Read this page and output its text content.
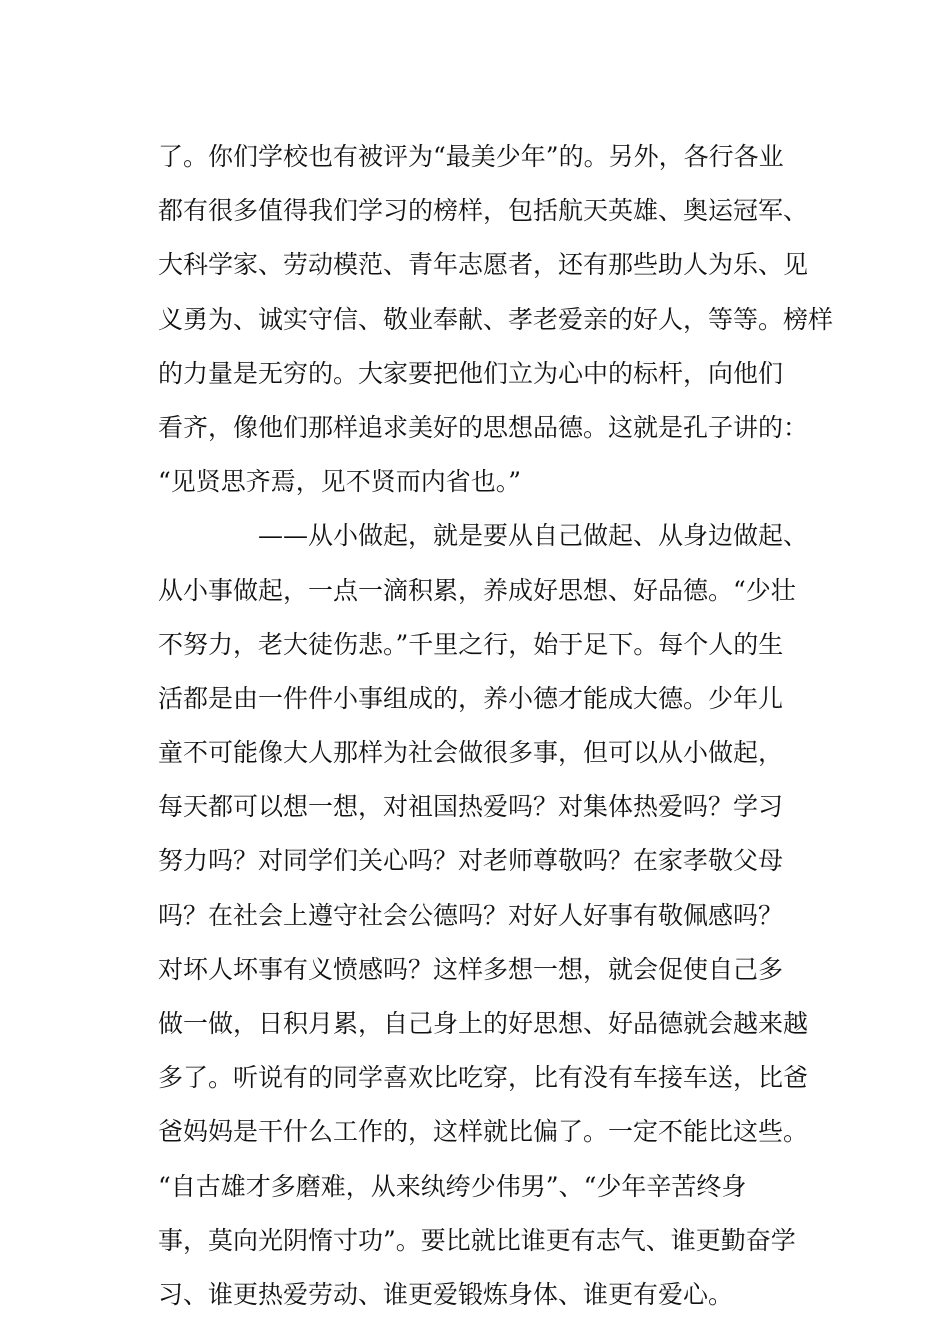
了。你们学校也有被评为“最美少年”的。另外，各行各业
都有很多值得我们学习的榜样，包括航天英雄、奥运冠军、
大科学家、劳动模范、青年志愿者，还有那些助人为乐、见
义勇为、诚实守信、敬业奉献、孝老爱亲的好人，等等。榜样
的力量是无穷的。大家要把他们立为心中的标杆，向他们
看齐，像他们那样追求美好的思想品德。这就是孔子讲的：
“见贤思齐焉，见不贤而内省也。”
——从小做起，就是要从自己做起、从身边做起、
从小事做起，一点一滴积累，养成好思想、好品德。“少壮
不努力，老大徒伤悲。”千里之行，始于足下。每个人的生
活都是由一件件小事组成的，养小德才能成大德。少年儿
童不可能像大人那样为社会做很多事，但可以从小做起，
每天都可以想一想，对祖国热爱吗？对集体热爱吗？学习
努力吗？对同学们关心吗？对老师尊敬吗？在家孝敬父母
吗？在社会上遵守社会公德吗？对好人好事有敬佩感吗？
对坏人坏事有义愤感吗？这样多想一想，就会促使自己多
做一做，日积月累，自己身上的好思想、好品德就会越来越
多了。听说有的同学喜欢比吃穿，比有没有车接车送，比爸
爸妈妈是干什么工作的，这样就比偏了。一定不能比这些。
“自古雄才多磨难，从来纨绔少伟男”、“少年辛苦终身
事，莫向光阴惰寸功”。要比就比谁更有志气、谁更勤奋学
习、谁更热爱劳动、谁更爱锻炼身体、谁更有爱心。
